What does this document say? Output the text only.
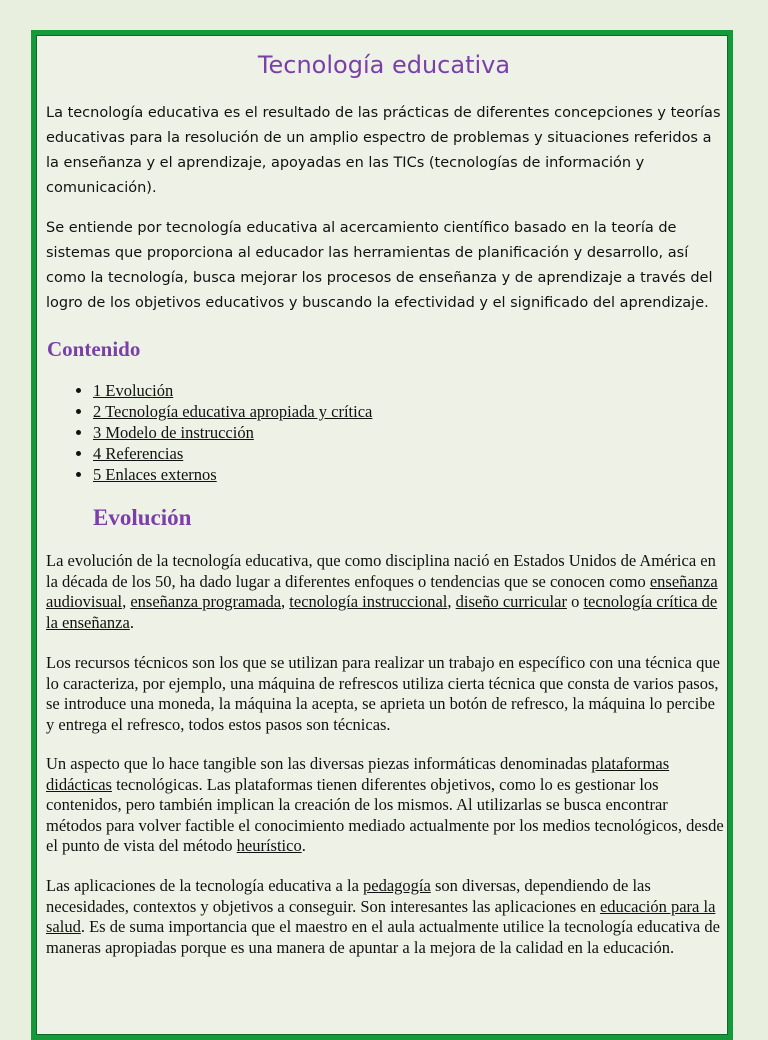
Tecnología educativa

La tecnología educativa es el resultado de las prácticas de diferentes concepciones y teorías educativas para la resolución de un amplio espectro de problemas y situaciones referidos a la enseñanza y el aprendizaje, apoyadas en las TICs (tecnologías de información y comunicación).

Se entiende por tecnología educativa al acercamiento científico basado en la teoría de sistemas que proporciona al educador las herramientas de planificación y desarrollo, así como la tecnología, busca mejorar los procesos de enseñanza y de aprendizaje a través del logro de los objetivos educativos y buscando la efectividad y el significado del aprendizaje.

Contenido
• 1 Evolución
• 2 Tecnología educativa apropiada y crítica
• 3 Modelo de instrucción
• 4 Referencias
• 5 Enlaces externos
Evolución

La evolución de la tecnología educativa, que como disciplina nació en Estados Unidos de América en la década de los 50, ha dado lugar a diferentes enfoques o tendencias que se conocen como enseñanza audiovisual, enseñanza programada, tecnología instruccional, diseño curricular o tecnología crítica de la enseñanza.

Los recursos técnicos son los que se utilizan para realizar un trabajo en específico con una técnica que lo caracteriza, por ejemplo, una máquina de refrescos utiliza cierta técnica que consta de varios pasos, se introduce una moneda, la máquina la acepta, se aprieta un botón de refresco, la máquina lo percibe y entrega el refresco, todos estos pasos son técnicas.

Un aspecto que lo hace tangible son las diversas piezas informáticas denominadas plataformas didácticas tecnológicas. Las plataformas tienen diferentes objetivos, como lo es gestionar los contenidos, pero también implican la creación de los mismos. Al utilizarlas se busca encontrar métodos para volver factible el conocimiento mediado actualmente por los medios tecnológicos, desde el punto de vista del método heurístico.

Las aplicaciones de la tecnología educativa a la pedagogía son diversas, dependiendo de las necesidades, contextos y objetivos a conseguir. Son interesantes las aplicaciones en educación para la salud. Es de suma importancia que el maestro en el aula actualmente utilice la tecnología educativa de maneras apropiadas porque es una manera de apuntar a la mejora de la calidad en la educación.
